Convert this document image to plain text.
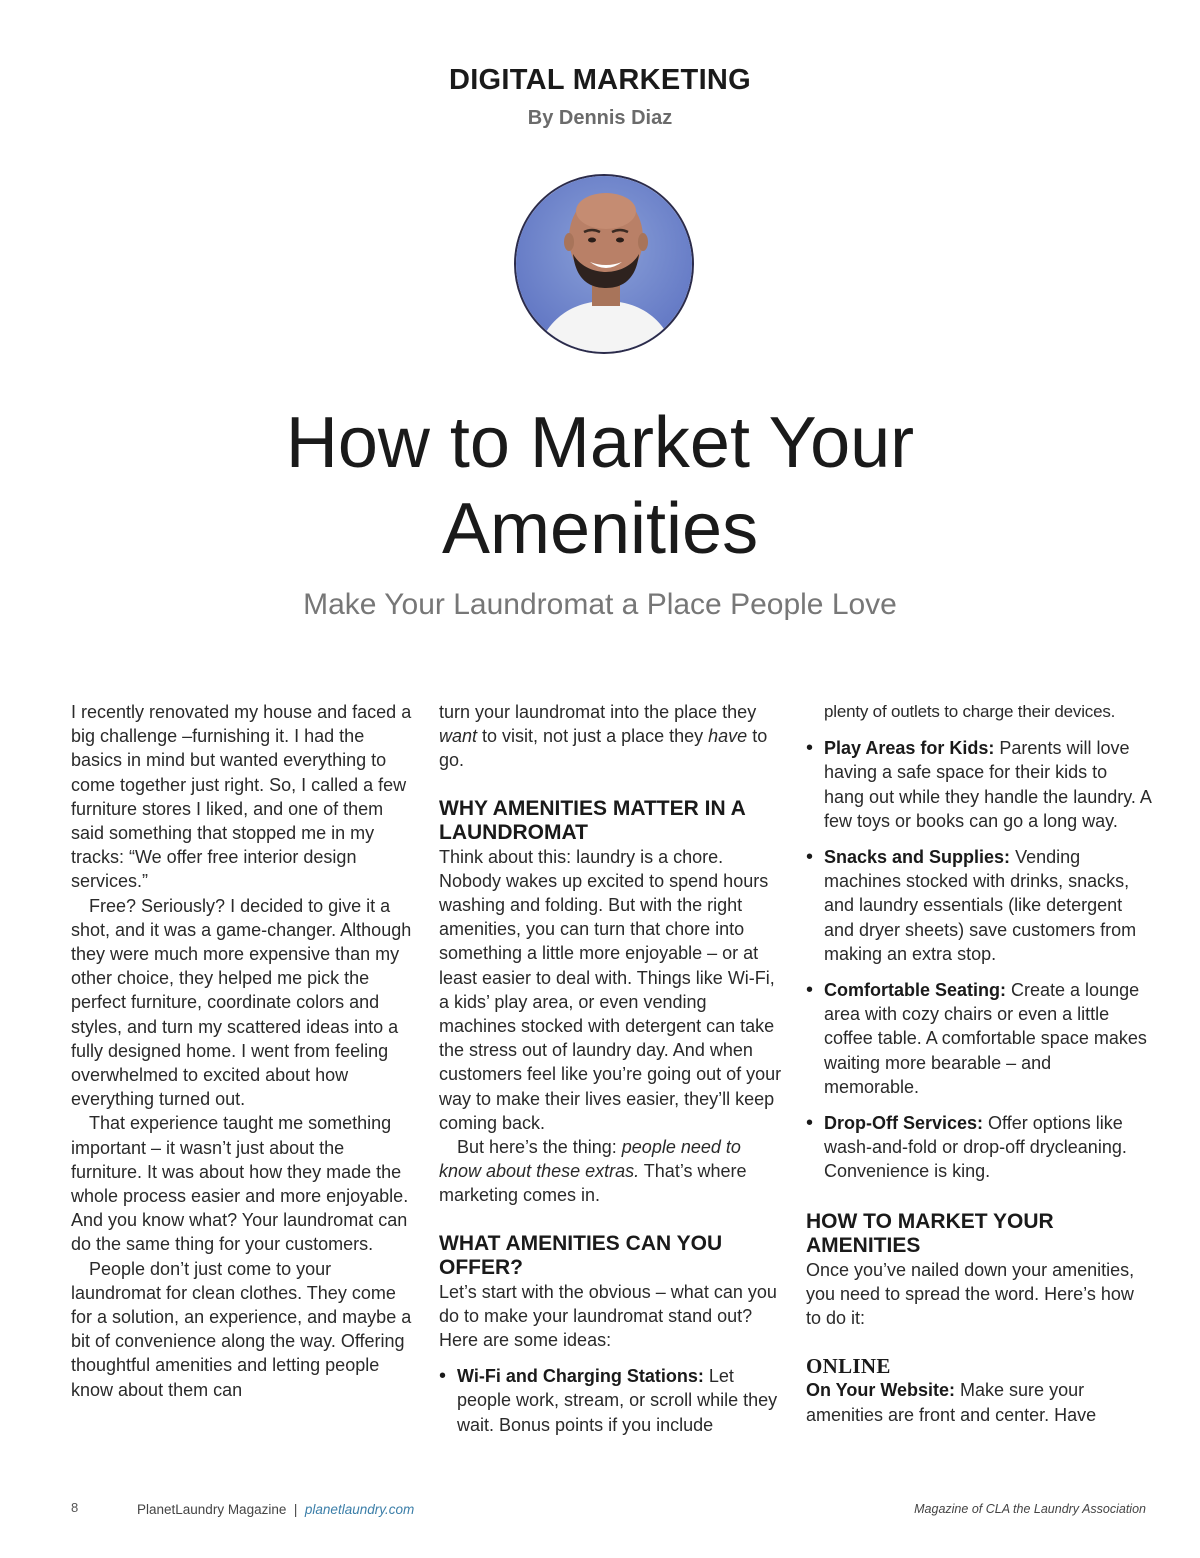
DIGITAL MARKETING

By Dennis Diaz

How to Market Your
Amenities
Make Your Laundromat a Place People Love

I recently renovated my house and faced a big challenge –furnishing it. I had the basics in mind but wanted everything to come together just right. So, I called a few furniture stores I liked, and one of them said something that stopped me in my tracks: “We offer free interior design services.”

Free? Seriously? I decided to give it a shot, and it was a game-changer. Although they were much more expensive than my other choice, they helped me pick the perfect furniture, coordinate colors and styles, and turn my scattered ideas into a fully designed home. I went from feeling overwhelmed to excited about how everything turned out.

That experience taught me something important – it wasn’t just about the furniture. It was about how they made the whole process easier and more enjoyable. And you know what? Your laundromat can do the same thing for your customers.

People don’t just come to your laundromat for clean clothes. They come for a solution, an experience, and maybe a bit of convenience along the way. Offering thoughtful amenities and letting people know about them can

turn your laundromat into the place they want to visit, not just a place they have to go.

WHY AMENITIES MATTER IN A LAUNDROMAT

Think about this: laundry is a chore. Nobody wakes up excited to spend hours washing and folding. But with the right amenities, you can turn that chore into something a little more enjoyable – or at least easier to deal with. Things like Wi-Fi, a kids’ play area, or even vending machines stocked with detergent can take the stress out of laundry day. And when customers feel like you’re going out of your way to make their lives easier, they’ll keep coming back.

But here’s the thing: people need to know about these extras. That’s where marketing comes in.

WHAT AMENITIES CAN YOU OFFER?

Let’s start with the obvious – what can you do to make your laundromat stand out? Here are some ideas:

• Wi-Fi and Charging Stations: Let people work, stream, or scroll while they wait. Bonus points if you include

plenty of outlets to charge their devices.

• Play Areas for Kids: Parents will love having a safe space for their kids to hang out while they handle the laundry. A few toys or books can go a long way.
• Snacks and Supplies: Vending machines stocked with drinks, snacks, and laundry essentials (like detergent and dryer sheets) save customers from making an extra stop.
• Comfortable Seating: Create a lounge area with cozy chairs or even a little coffee table. A comfortable space makes waiting more bearable – and memorable.
• Drop-Off Services: Offer options like wash-and-fold or drop-off drycleaning. Convenience is king.
HOW TO MARKET YOUR AMENITIES

Once you’ve nailed down your amenities, you need to spread the word. Here’s how to do it:

ONLINE

On Your Website: Make sure your amenities are front and center. Have

8	PlanetLaundry Magazine | planetlaundry.com	Magazine of CLA the Laundry Association
